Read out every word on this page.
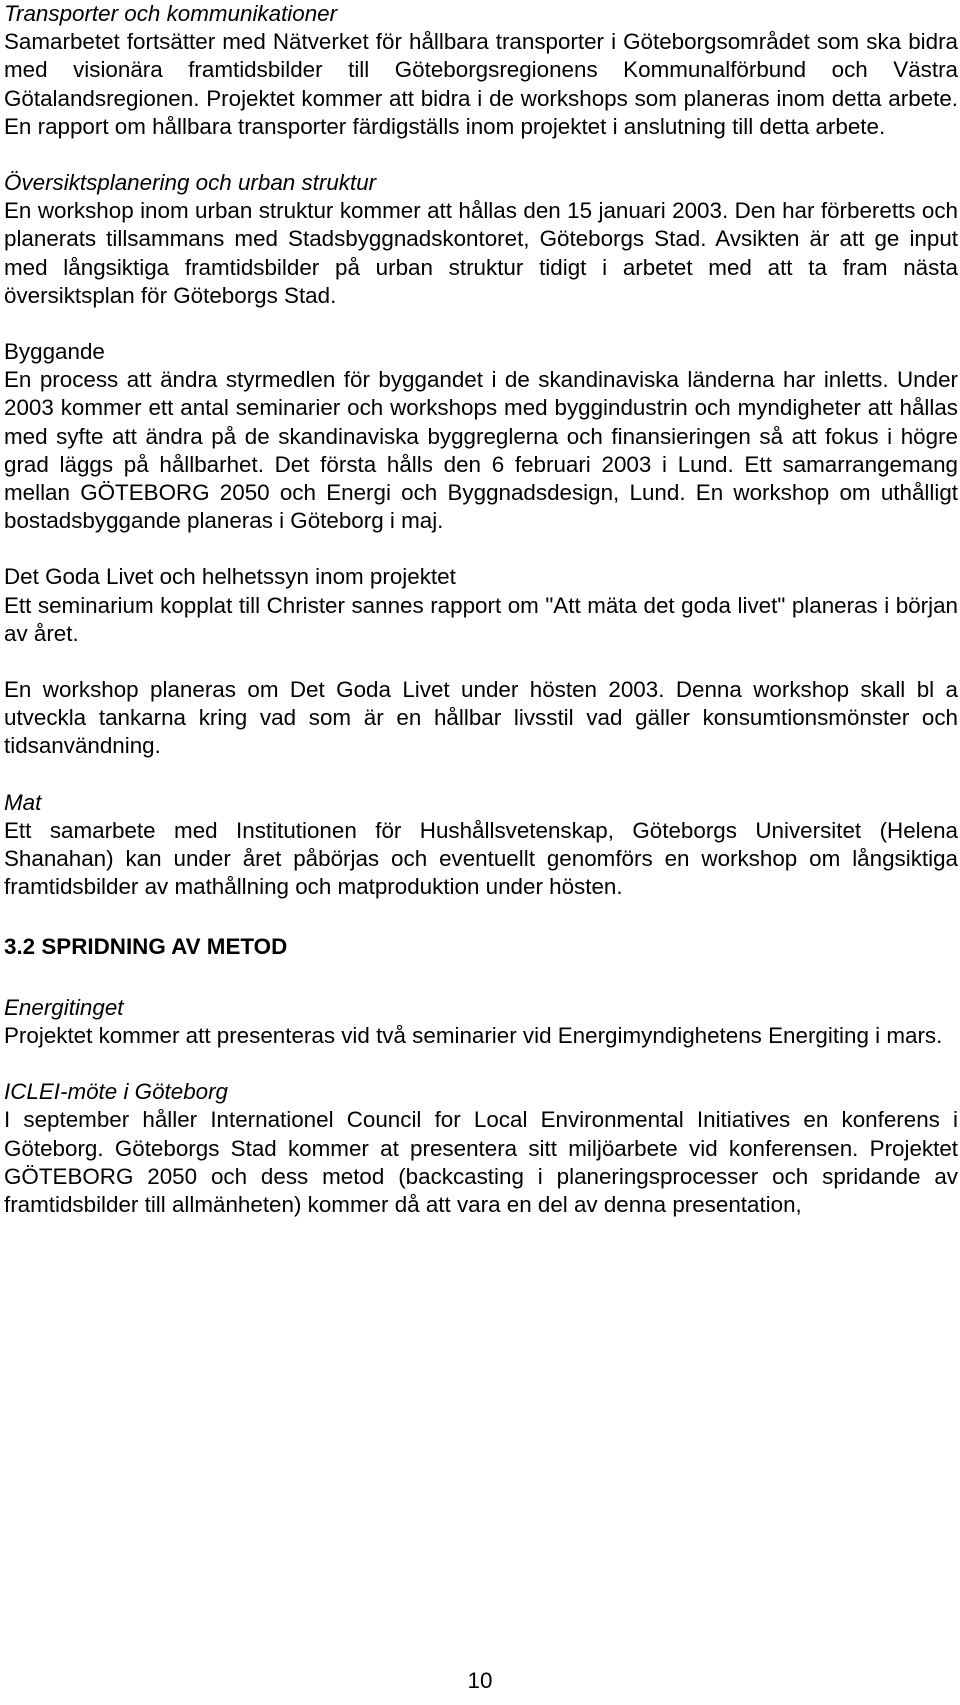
Transporter och kommunikationer

Samarbetet fortsätter med Nätverket för hållbara transporter i Göteborgsområdet som ska bidra med visionära framtidsbilder till Göteborgsregionens Kommunalförbund och Västra Götalandsregionen. Projektet kommer att bidra i de workshops som planeras inom detta arbete. En rapport om hållbara transporter färdigställs inom projektet i anslutning till detta arbete.

Översiktsplanering och urban struktur

En workshop inom urban struktur kommer att hållas den 15 januari 2003. Den har förberetts och planerats tillsammans med Stadsbyggnadskontoret, Göteborgs Stad. Avsikten är att ge input med långsiktiga framtidsbilder på urban struktur tidigt i arbetet med att ta fram nästa översiktsplan för Göteborgs Stad.

Byggande

En process att ändra styrmedlen för byggandet i de skandinaviska länderna har inletts. Under 2003 kommer ett antal seminarier och workshops med byggindustrin och myndigheter att hållas med syfte att ändra på de skandinaviska byggreglerna och finansieringen så att fokus i högre grad läggs på hållbarhet. Det första hålls den 6 februari 2003 i Lund. Ett samarrangemang mellan GÖTEBORG 2050 och Energi och Byggnadsdesign, Lund. En workshop om uthålligt bostadsbyggande planeras i Göteborg i maj.

Det Goda Livet och helhetssyn inom projektet

Ett seminarium kopplat till Christer sannes rapport om "Att mäta det goda livet" planeras i början av året.

En workshop planeras om Det Goda Livet under hösten 2003. Denna workshop skall bl a utveckla tankarna kring vad som är en hållbar livsstil vad gäller konsumtionsmönster och tidsanvändning.

Mat

Ett samarbete med Institutionen för Hushållsvetenskap, Göteborgs Universitet (Helena Shanahan) kan under året påbörjas och eventuellt genomförs en workshop om långsiktiga framtidsbilder av mathållning och matproduktion under hösten.

3.2 SPRIDNING AV METOD

Energitinget

Projektet kommer att presenteras vid två seminarier vid Energimyndighetens Energiting i mars.

ICLEI-möte i Göteborg

I september håller Internationel Council for Local Environmental Initiatives en konferens i Göteborg. Göteborgs Stad kommer at presentera sitt miljöarbete vid konferensen. Projektet GÖTEBORG 2050 och dess metod (backcasting i planeringsprocesser och spridande av framtidsbilder till allmänheten) kommer då att vara en del av denna presentation,

10
